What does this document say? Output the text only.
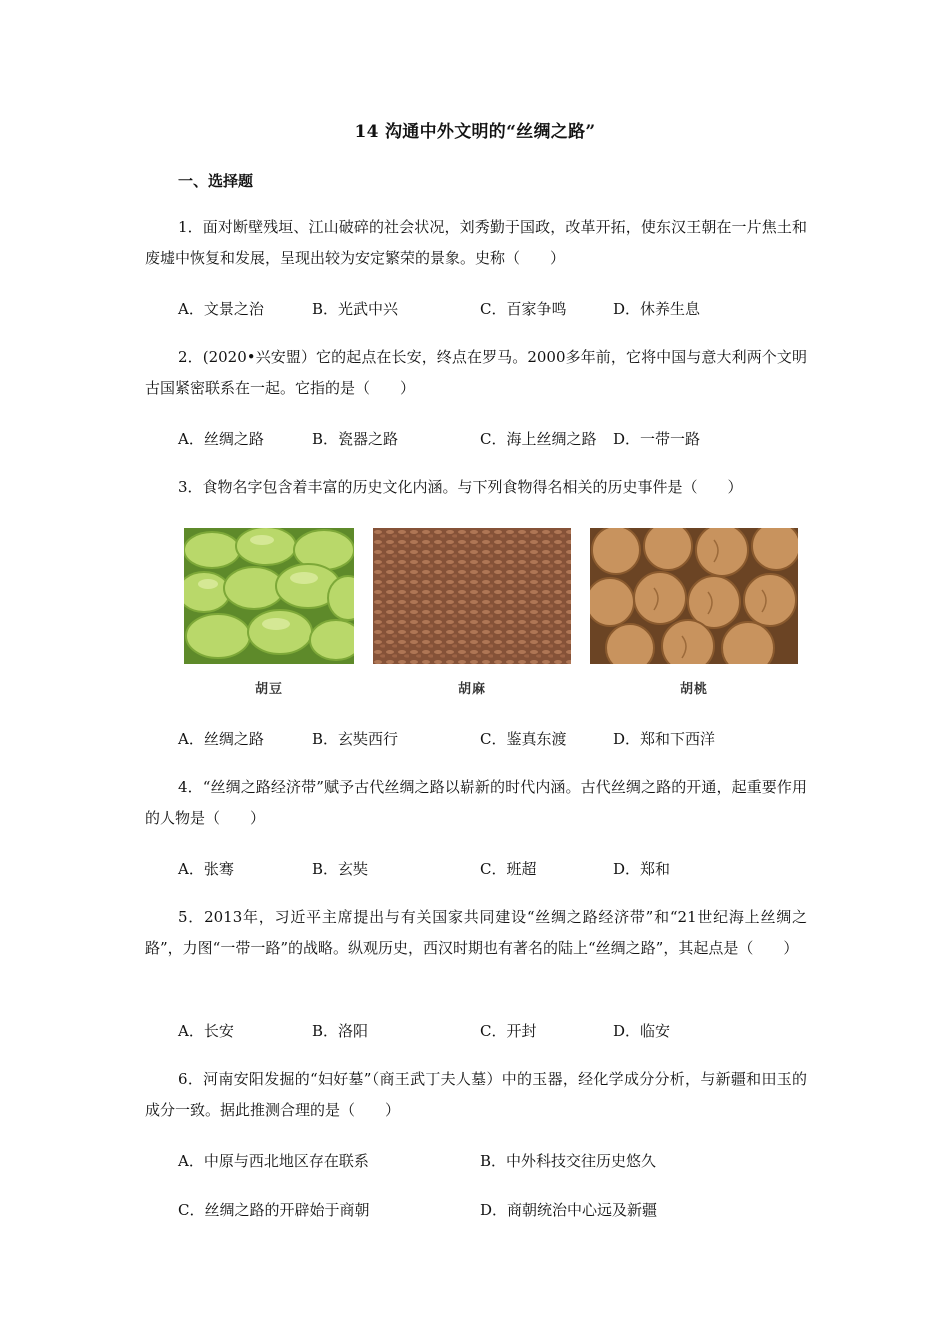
14 沟通中外文明的“丝绸之路”
一、选择题
1．面对断壁残垣、江山破碎的社会状况，刘秀勤于国政，改革开拓，使东汉王朝在一片焦土和废墟中恢复和发展，呈现出较为安定繁荣的景象。史称（　　）
A．文景之治	B．光武中兴	C．百家争鸣	D．休养生息
2．(2020•兴安盟）它的起点在长安，终点在罗马。2000多年前，它将中国与意大利两个文明古国紧密联系在一起。它指的是（　　）
A．丝绸之路	B．瓷器之路	C．海上丝绸之路 D．一带一路
3．食物名字包含着丰富的历史文化内涵。与下列食物得名相关的历史事件是（　　）
胡豆	胡麻	胡桃
A．丝绸之路	B．玄奘西行	C．鉴真东渡	D．郑和下西洋
4．“丝绸之路经济带”赋予古代丝绸之路以崭新的时代内涵。古代丝绸之路的开通，起重要作用的人物是（　　）
A．张骞	B．玄奘	C．班超	D．郑和
5．2013年，习近平主席提出与有关国家共同建设“丝绸之路经济带”和“21世纪海上丝绸之路”，力图“一带一路”的战略。纵观历史，西汉时期也有著名的陆上“丝绸之路”，其起点是（　　）
A．长安	B．洛阳	C．开封	D．临安
6．河南安阳发掘的“妇好墓”（商王武丁夫人墓）中的玉器，经化学成分分析，与新疆和田玉的成分一致。据此推测合理的是（　　）
A．中原与西北地区存在联系	B．中外科技交往历史悠久
C．丝绸之路的开辟始于商朝	D．商朝统治中心远及新疆
